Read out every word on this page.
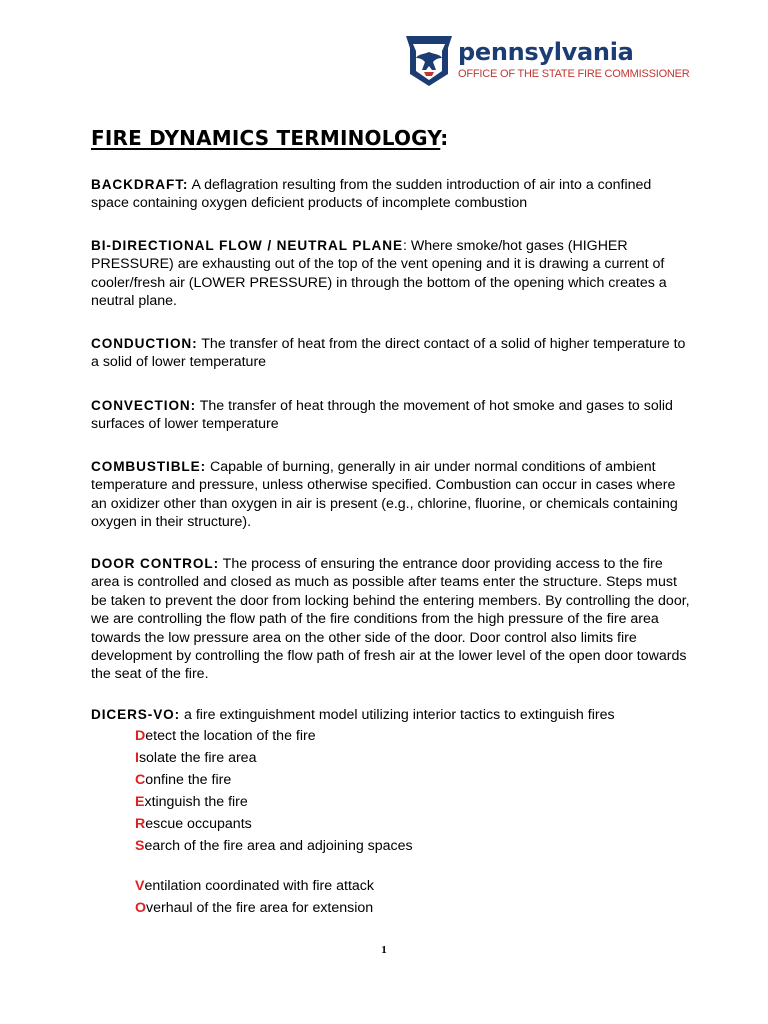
pennsylvania
OFFICE OF THE STATE FIRE COMMISSIONER
FIRE DYNAMICS TERMINOLOGY:
BACKDRAFT: A deflagration resulting from the sudden introduction of air into a confined space containing oxygen deficient products of incomplete combustion
BI-DIRECTIONAL FLOW / NEUTRAL PLANE: Where smoke/hot gases (HIGHER PRESSURE) are exhausting out of the top of the vent opening and it is drawing a current of cooler/fresh air (LOWER PRESSURE) in through the bottom of the opening which creates a neutral plane.
CONDUCTION: The transfer of heat from the direct contact of a solid of higher temperature to a solid of lower temperature
CONVECTION: The transfer of heat through the movement of hot smoke and gases to solid surfaces of lower temperature
COMBUSTIBLE: Capable of burning, generally in air under normal conditions of ambient temperature and pressure, unless otherwise specified. Combustion can occur in cases where an oxidizer other than oxygen in air is present (e.g., chlorine, fluorine, or chemicals containing oxygen in their structure).
DOOR CONTROL: The process of ensuring the entrance door providing access to the fire area is controlled and closed as much as possible after teams enter the structure. Steps must be taken to prevent the door from locking behind the entering members. By controlling the door, we are controlling the flow path of the fire conditions from the high pressure of the fire area towards the low pressure area on the other side of the door. Door control also limits fire development by controlling the flow path of fresh air at the lower level of the open door towards the seat of the fire.
DICERS-VO: a fire extinguishment model utilizing interior tactics to extinguish fires
Detect the location of the fire
Isolate the fire area
Confine the fire
Extinguish the fire
Rescue occupants
Search of the fire area and adjoining spaces
Ventilation coordinated with fire attack
Overhaul of the fire area for extension
1
